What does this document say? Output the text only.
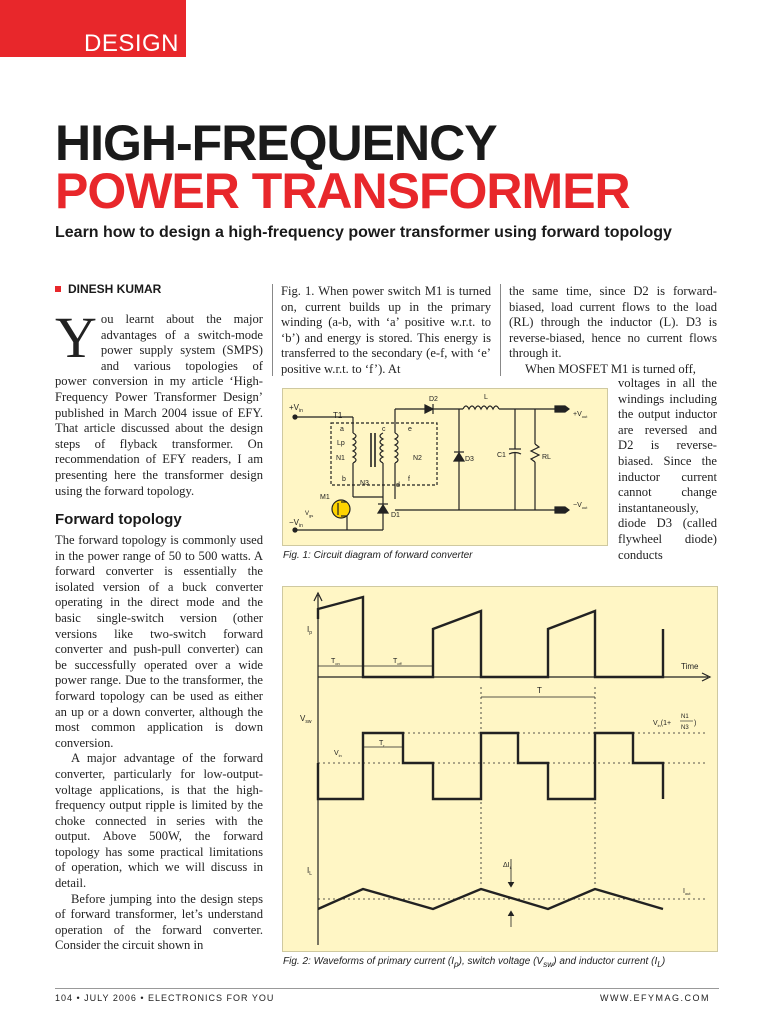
DESIGN
HIGH-FREQUENCY
POWER TRANSFORMER
Learn how to design a high-frequency power transformer using forward topology
DINESH KUMAR
Y ou learnt about the major advantages of a switch-mode power supply system (SMPS) and various topologies of power conversion in my article ‘High-Frequency Power Transformer Design’ published in March 2004 issue of EFY. That article discussed about the design steps of flyback transformer. On recommendation of EFY readers, I am presenting here the transformer design using the forward topology.

Forward topology

The forward topology is commonly used in the power range of 50 to 500 watts. A forward converter is essentially the isolated version of a buck converter operating in the direct mode and the basic single-switch version (other versions like two-switch forward converter and push-pull converter) can be successfully operated over a wide power range. Due to the transformer, the forward topology can be used as either an up or a down converter, although the most common application is down conversion.

A major advantage of the forward converter, particularly for low-output-voltage applications, is that the high-frequency output ripple is limited by the choke connected in series with the output. Above 500W, the forward topology has some practical limitations of operation, which we will discuss in detail.

Before jumping into the design steps of forward transformer, let’s understand operation of the forward converter. Consider the circuit shown in

Fig. 1. When power switch M1 is turned on, current builds up in the primary winding (a-b, with ‘a’ positive w.r.t. to ‘b’) and energy is stored. This energy is transferred to the secondary (e-f, with ‘e’ positive w.r.t. to ‘f’). At

the same time, since D2 is forward-biased, load current flows to the load (RL) through the inductor (L). D3 is reverse-biased, hence no current flows through it.

When MOSFET M1 is turned off,

voltages in all the windings including the output inductor are reversed and D2 is reverse-biased. Since the inductor current cannot change instantaneously, diode D3 (called flywheel diode) conducts

$+V_{in}$
$-V_{in}$
T1
a
Lp
N1
b
c
N3	d
e
N2
f
D1
M1
$V_{gs}$
D2	L
D3
C1	RL
$+V_{out}$
$-V_{out}$
Fig. 1: Circuit diagram of forward converter
$I_p$
$T_{on}$	$T_{off}$	Time
T
$V_{sw}$
$V_{in}$
$T_r$
$V_{in}(1+$
N1
N3
)
$I_L$
$\Delta I_L$
$I_{out}$
Fig. 2: Waveforms of primary current $(I_p)$, switch voltage $(V_{sw})$ and inductor current $(I_L)$
104 • JULY 2006 • ELECTRONICS FOR YOU	WWW.EFYMAG.COM
